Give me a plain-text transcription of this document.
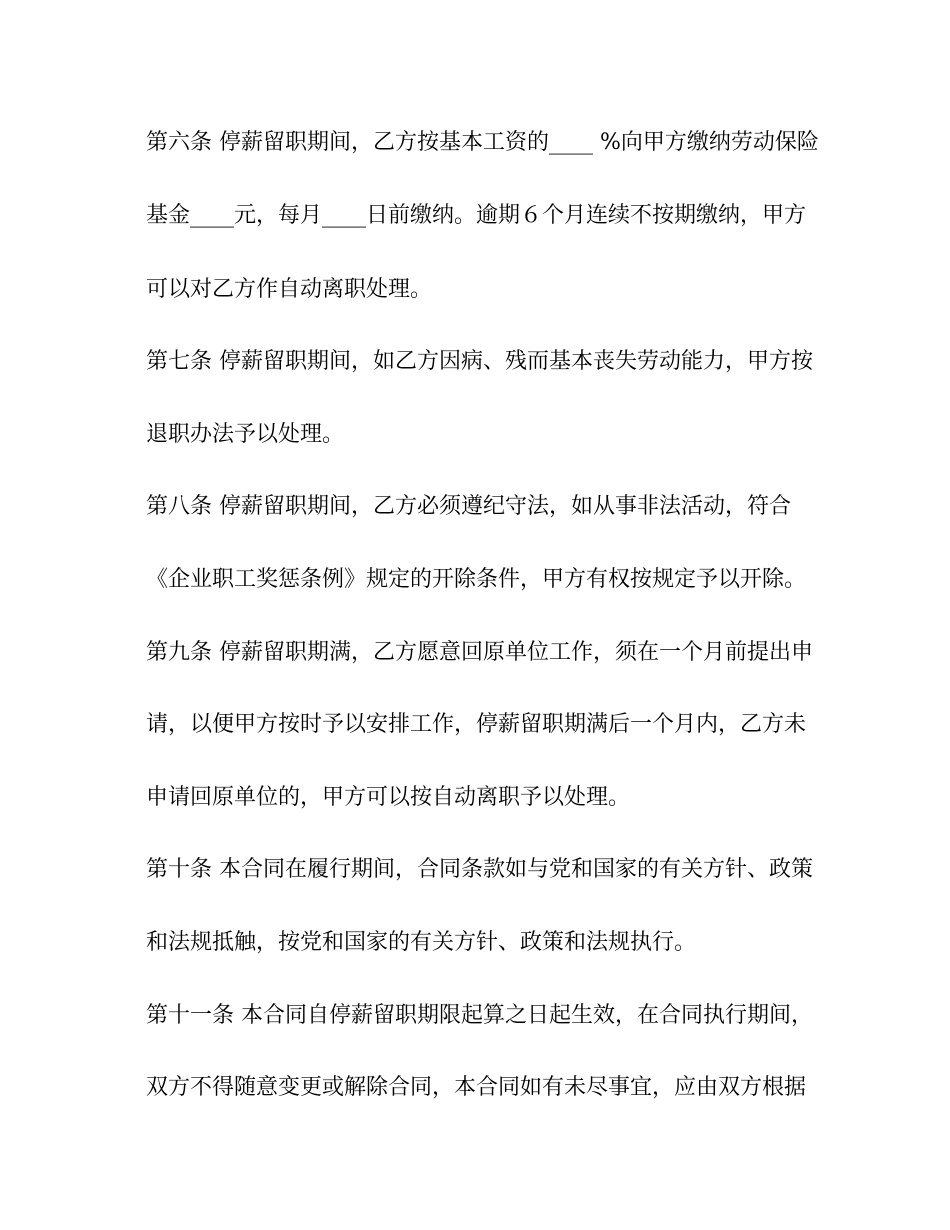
第六条 停薪留职期间，乙方按基本工资的____ %向甲方缴纳劳动保险

基金____元，每月____日前缴纳。逾期６个月连续不按期缴纳，甲方

可以对乙方作自动离职处理。

第七条 停薪留职期间，如乙方因病、残而基本丧失劳动能力，甲方按

退职办法予以处理。

第八条 停薪留职期间，乙方必须遵纪守法，如从事非法活动，符合

《企业职工奖惩条例》规定的开除条件，甲方有权按规定予以开除。

第九条 停薪留职期满，乙方愿意回原单位工作，须在一个月前提出申

请，以便甲方按时予以安排工作，停薪留职期满后一个月内，乙方未

申请回原单位的，甲方可以按自动离职予以处理。

第十条 本合同在履行期间，合同条款如与党和国家的有关方针、政策

和法规抵触，按党和国家的有关方针、政策和法规执行。

第十一条 本合同自停薪留职期限起算之日起生效，在合同执行期间，

双方不得随意变更或解除合同，本合同如有未尽事宜，应由双方根据
